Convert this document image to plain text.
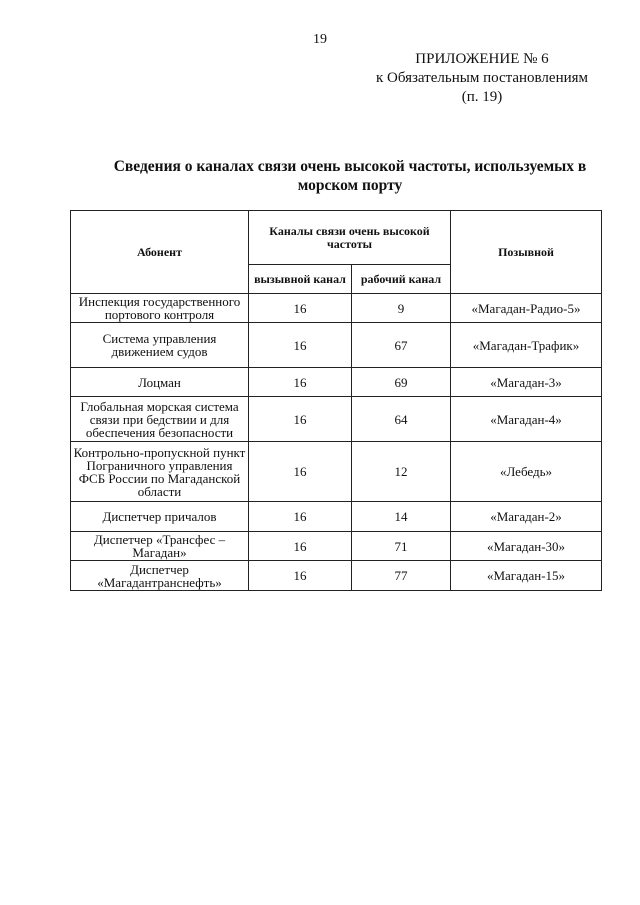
19
ПРИЛОЖЕНИЕ № 6
к Обязательным постановлениям
(п. 19)
Сведения о каналах связи очень высокой частоты, используемых в
морском порту
Абонент	Каналы связи очень высокой частоты		Позывной
	вызывной канал	рабочий канал	
Инспекция государственного портового контроля	16	9	«Магадан-Радио-5»
Система управления движением судов	16	67	«Магадан-Трафик»
Лоцман	16	69	«Магадан-3»
Глобальная морская система связи при бедствии и для обеспечения безопасности	16	64	«Магадан-4»
Контрольно-пропускной пункт Пограничного управления ФСБ России по Магаданской области	16	12	«Лебедь»
Диспетчер причалов	16	14	«Магадан-2»
Диспетчер «Трансфес – Магадан»	16	71	«Магадан-30»
Диспетчер «Магадантранснефть»	16	77	«Магадан-15»
